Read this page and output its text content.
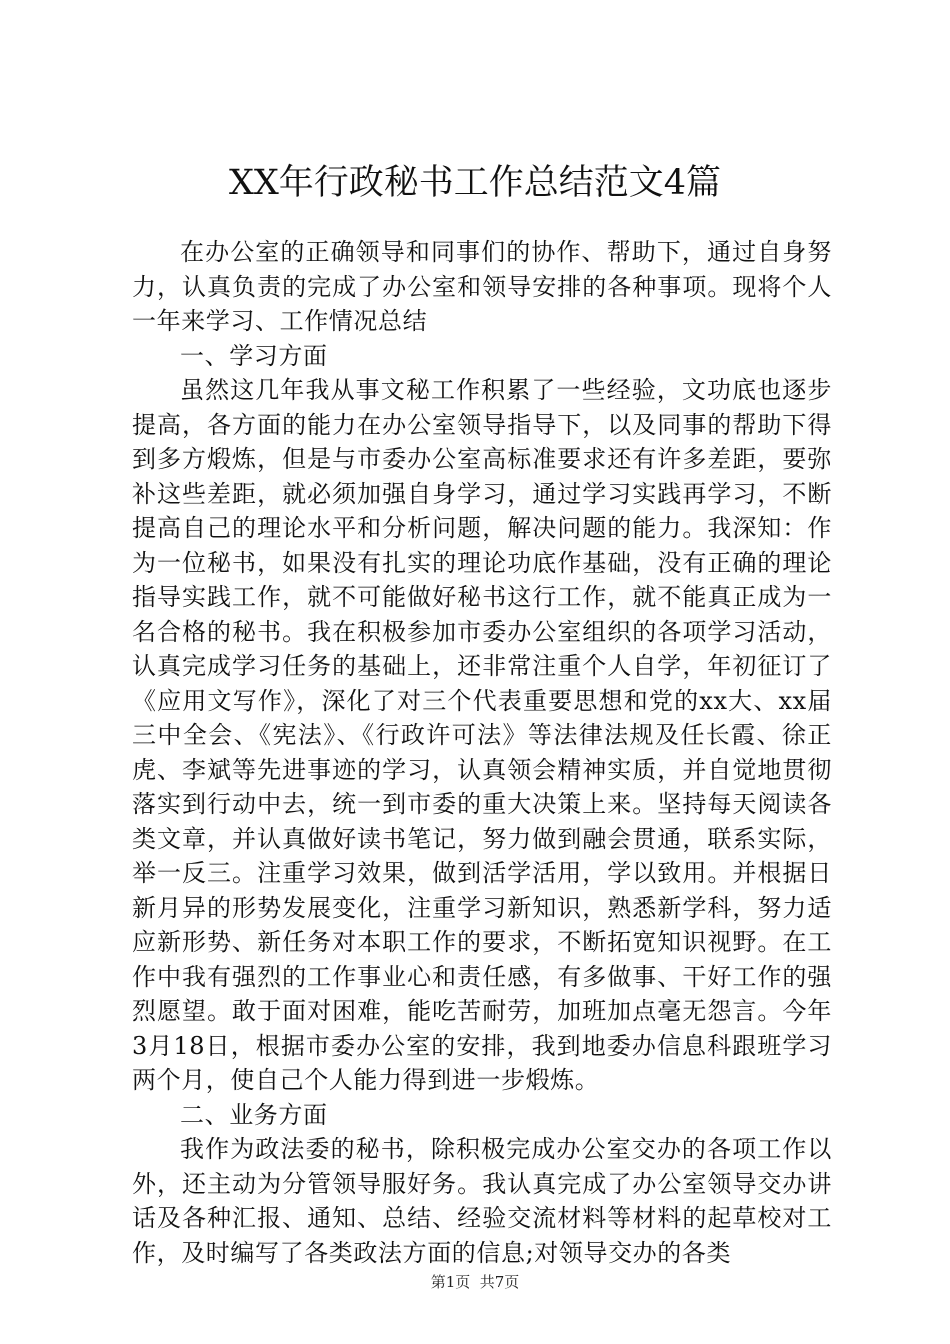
XX年行政秘书工作总结范文4篇

在办公室的正确领导和同事们的协作、帮助下，通过自身努力，认真负责的完成了办公室和领导安排的各种事项。现将个人一年来学习、工作情况总结

一、学习方面

虽然这几年我从事文秘工作积累了一些经验，文功底也逐步提高，各方面的能力在办公室领导指导下，以及同事的帮助下得到多方煅炼，但是与市委办公室高标准要求还有许多差距，要弥补这些差距，就必须加强自身学习，通过学习实践再学习，不断提高自己的理论水平和分析问题，解决问题的能力。我深知：作为一位秘书，如果没有扎实的理论功底作基础，没有正确的理论指导实践工作，就不可能做好秘书这行工作，就不能真正成为一名合格的秘书。我在积极参加市委办公室组织的各项学习活动，认真完成学习任务的基础上，还非常注重个人自学，年初征订了《应用文写作》，深化了对三个代表重要思想和党的xx大、xx届三中全会、《宪法》、《行政许可法》等法律法规及任长霞、徐正虎、李斌等先进事迹的学习，认真领会精神实质，并自觉地贯彻落实到行动中去，统一到市委的重大决策上来。坚持每天阅读各类文章，并认真做好读书笔记，努力做到融会贯通，联系实际，举一反三。注重学习效果，做到活学活用，学以致用。并根据日新月异的形势发展变化，注重学习新知识，熟悉新学科，努力适应新形势、新任务对本职工作的要求，不断拓宽知识视野。在工作中我有强烈的工作事业心和责任感，有多做事、干好工作的强烈愿望。敢于面对困难，能吃苦耐劳，加班加点毫无怨言。今年3月18日，根据市委办公室的安排，我到地委办信息科跟班学习两个月，使自己个人能力得到进一步煅炼。

二、业务方面

我作为政法委的秘书，除积极完成办公室交办的各项工作以外，还主动为分管领导服好务。我认真完成了办公室领导交办讲话及各种汇报、通知、总结、经验交流材料等材料的起草校对工作，及时编写了各类政法方面的信息;对领导交办的各类

第1页  共7页
